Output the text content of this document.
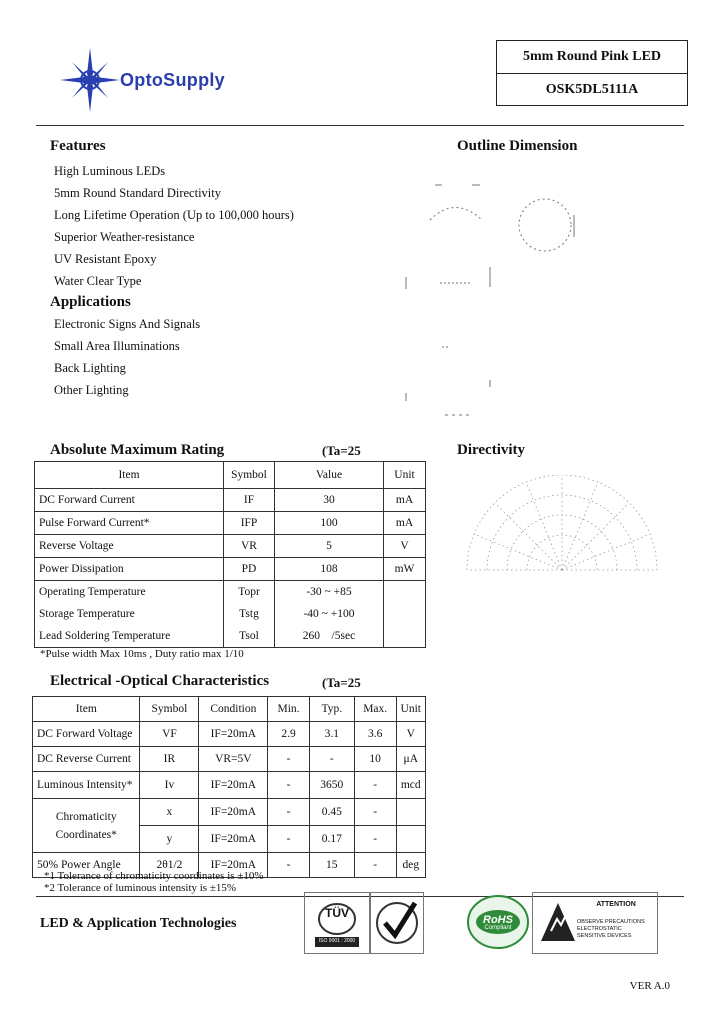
OptoSupply
5mm Round Pink LED
OSK5DL5111A
Features
High Luminous LEDs
5mm Round Standard Directivity
Long Lifetime Operation (Up to 100,000 hours)
Superior Weather-resistance
UV Resistant Epoxy
Water Clear Type
Applications
Electronic Signs And Signals
Small Area Illuminations
Back Lighting
Other Lighting
Outline Dimension
Directivity
Absolute Maximum Rating	(Ta=25
Item	Symbol	Value	Unit
DC Forward Current	IF	30	mA
Pulse Forward Current*	IFP	100	mA
Reverse Voltage	VR	5	V
Power Dissipation	PD	108	mW
Operating Temperature	Topr	-30 ~ +85	
Storage Temperature	Tstg	-40 ~ +100	
Lead Soldering Temperature	Tsol	260    /5sec	
*Pulse width Max 10ms , Duty ratio max 1/10
Electrical -Optical Characteristics	(Ta=25
Item	Symbol	Condition	Min.	Typ.	Max.	Unit
DC Forward Voltage	VF	IF=20mA	2.9	3.1	3.6	V
DC Reverse Current	IR	VR=5V	-	-	10	μA
Luminous Intensity*	Iv	IF=20mA	-	3650	-	mcd

Chromaticity
Coordinates*	x	IF=20mA	-	0.45	-	
	y	IF=20mA	-	0.17	-	
50% Power Angle	2θ1/2	IF=20mA	-	15	-	deg
*1 Tolerance of chromaticity coordinates is ±10%
*2 Tolerance of luminous intensity is ±15%
LED & Application Technologies
TÜV
ISO 9001 : 2000
RoHS
Compliant
ATTENTION
OBSERVE PRECAUTIONS
ELECTROSTATIC
SENSITIVE DEVICES
VER A.0
